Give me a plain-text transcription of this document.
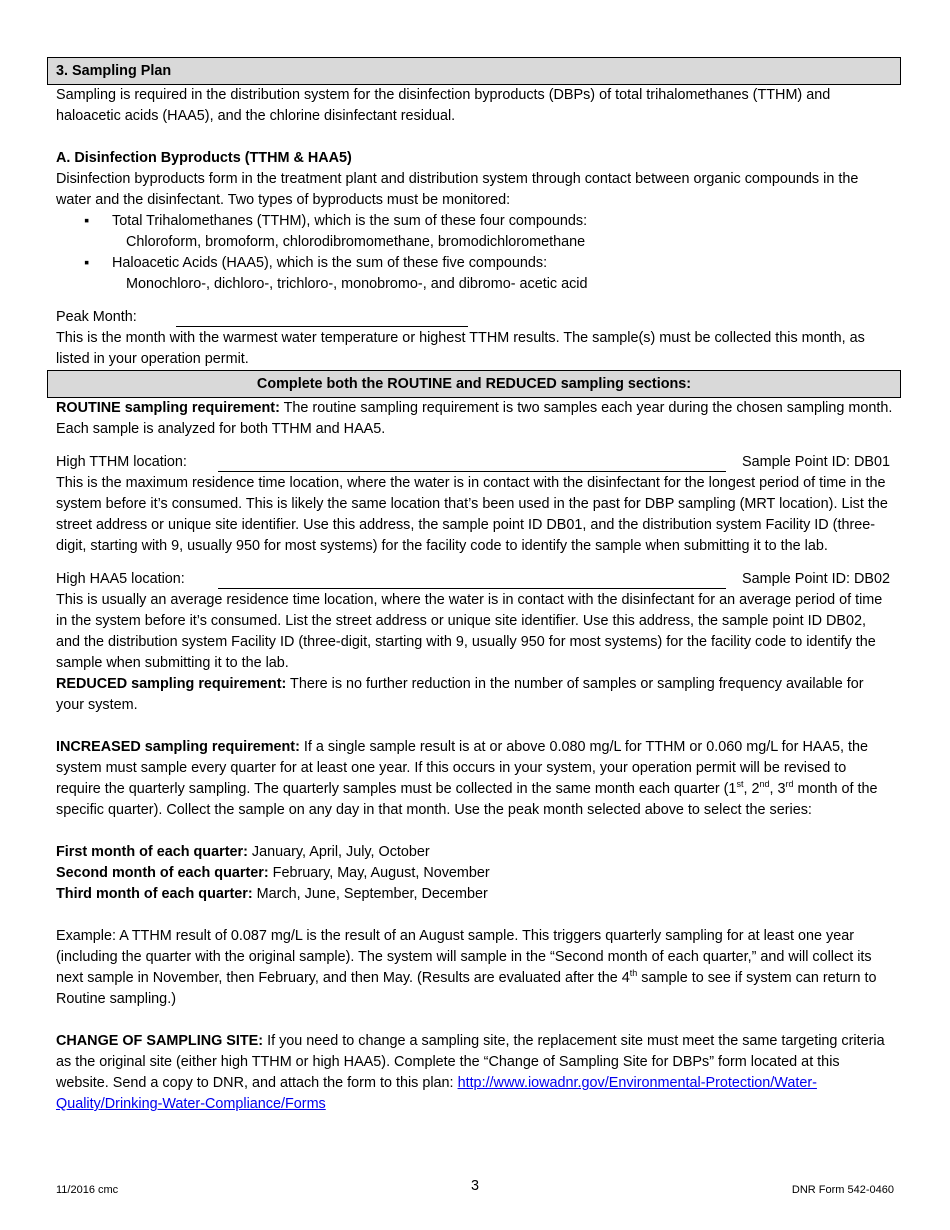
3. Sampling Plan

Sampling is required in the distribution system for the disinfection byproducts (DBPs) of total trihalomethanes (TTHM) and haloacetic acids (HAA5), and the chlorine disinfectant residual.

A. Disinfection Byproducts (TTHM & HAA5)

Disinfection byproducts form in the treatment plant and distribution system through contact between organic compounds in the water and the disinfectant. Two types of byproducts must be monitored:

▪ Total Trihalomethanes (TTHM), which is the sum of these four compounds:
Chloroform, bromoform, chlorodibromomethane, bromodichloromethane
▪ Haloacetic Acids (HAA5), which is the sum of these five compounds:
Monochloro-, dichloro-, trichloro-, monobromo-, and dibromo- acetic acid
Peak Month:

This is the month with the warmest water temperature or highest TTHM results. The sample(s) must be collected this month, as listed in your operation permit.

Complete both the ROUTINE and REDUCED sampling sections:

ROUTINE sampling requirement: The routine sampling requirement is two samples each year during the chosen sampling month. Each sample is analyzed for both TTHM and HAA5.

High TTHM location:	Sample Point ID: DB01

This is the maximum residence time location, where the water is in contact with the disinfectant for the longest period of time in the system before it’s consumed. This is likely the same location that’s been used in the past for DBP sampling (MRT location). List the street address or unique site identifier. Use this address, the sample point ID DB01, and the distribution system Facility ID (three-digit, starting with 9, usually 950 for most systems) for the facility code to identify the sample when submitting it to the lab.

High HAA5 location:	Sample Point ID: DB02

This is usually an average residence time location, where the water is in contact with the disinfectant for an average period of time in the system before it’s consumed. List the street address or unique site identifier. Use this address, the sample point ID DB02, and the distribution system Facility ID (three-digit, starting with 9, usually 950 for most systems) for the facility code to identify the sample when submitting it to the lab.

REDUCED sampling requirement: There is no further reduction in the number of samples or sampling frequency available for your system.

INCREASED sampling requirement: If a single sample result is at or above 0.080 mg/L for TTHM or 0.060 mg/L for HAA5, the system must sample every quarter for at least one year. If this occurs in your system, your operation permit will be revised to require the quarterly sampling. The quarterly samples must be collected in the same month each quarter (1st, 2nd, 3rd month of the specific quarter). Collect the sample on any day in that month. Use the peak month selected above to select the series:

First month of each quarter: January, April, July, October

Second month of each quarter: February, May, August, November

Third month of each quarter: March, June, September, December

Example: A TTHM result of 0.087 mg/L is the result of an August sample. This triggers quarterly sampling for at least one year (including the quarter with the original sample). The system will sample in the “Second month of each quarter,” and will collect its next sample in November, then February, and then May. (Results are evaluated after the 4th sample to see if system can return to Routine sampling.)

CHANGE OF SAMPLING SITE: If you need to change a sampling site, the replacement site must meet the same targeting criteria as the original site (either high TTHM or high HAA5). Complete the “Change of Sampling Site for DBPs” form located at this website. Send a copy to DNR, and attach the form to this plan: http://www.iowadnr.gov/Environmental-Protection/Water-Quality/Drinking-Water-Compliance/Forms

11/2016 cmc	3	DNR Form 542-0460
